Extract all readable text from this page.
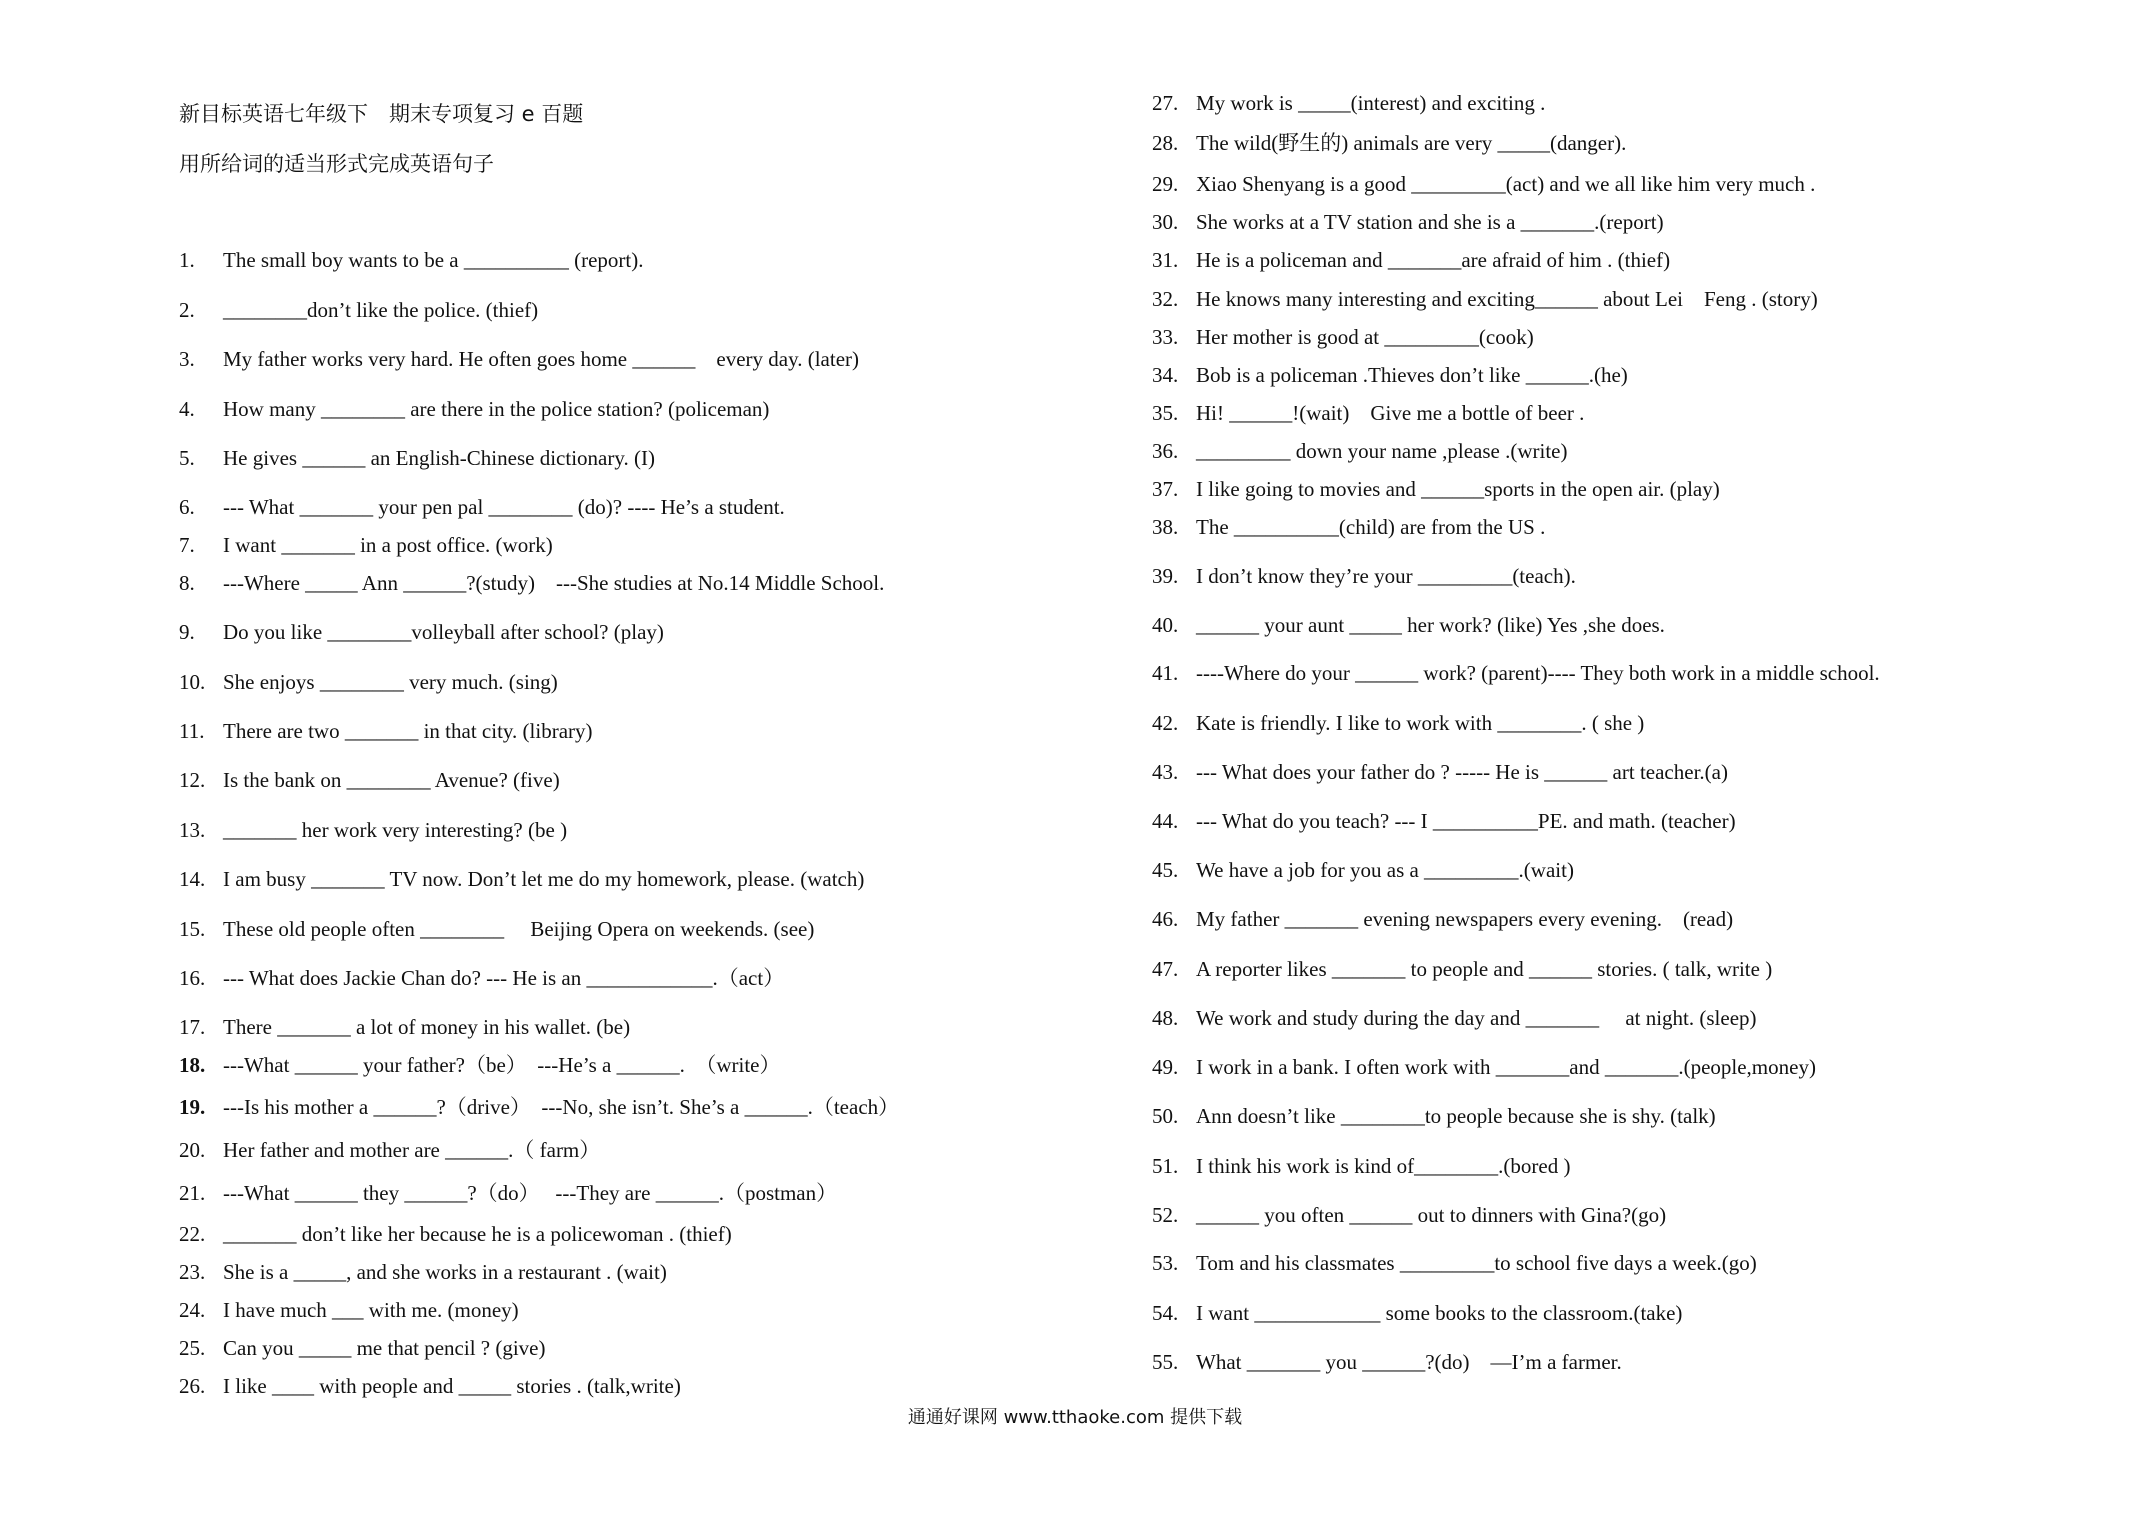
新目标英语七年级下　期末专项复习 e 百题
用所给词的适当形式完成英语句子
1.	The small boy wants to be a __________ (report).
2.	________don’t like the police. (thief)
3.	My father works very hard. He often goes home ______    every day. (later)
4.	How many ________ are there in the police station? (policeman)
5.	He gives ______ an English-Chinese dictionary. (I)
6.	--- What _______ your pen pal ________ (do)? ---- He’s a student.
7.	I want _______ in a post office. (work)
8.	---Where _____ Ann ______?(study)    ---She studies at No.14 Middle School.
9.	Do you like ________volleyball after school? (play)
10. She enjoys ________ very much. (sing)
11. There are two _______ in that city. (library)
12. Is the bank on ________ Avenue? (five)
13. _______ her work very interesting? (be )
14. I am busy _______ TV now. Don’t let me do my homework, please. (watch)
15. These old people often ________     Beijing Opera on weekends. (see)
16. --- What does Jackie Chan do? --- He is an ____________.（act）
17. There _______ a lot of money in his wallet. (be)
18. ---What ______ your father?（be）  ---He’s a ______.  （write）
19. ---Is his mother a ______?（drive）  ---No, she isn’t. She’s a ______.（teach）
20. Her father and mother are ______.（ farm）
21. ---What ______ they ______?（do）   ---They are ______.（postman）
22. _______ don’t like her because he is a policewoman . (thief)
23. She is a _____, and she works in a restaurant . (wait)
24. I have much ___ with me. (money)
25. Can you _____ me that pencil ? (give)
26. I like ____ with people and _____ stories . (talk,write)
27. My work is _____(interest) and exciting .
28. The wild(野生的) animals are very _____(danger).
29. Xiao Shenyang is a good _________(act) and we all like him very much .
30. She works at a TV station and she is a _______.(report)
31. He is a policeman and _______are afraid of him . (thief)
32. He knows many interesting and exciting______ about Lei    Feng . (story)
33. Her mother is good at _________(cook)
34. Bob is a policeman .Thieves don’t like ______.(he)
35. Hi! ______!(wait)    Give me a bottle of beer .
36. _________ down your name ,please .(write)
37. I like going to movies and ______sports in the open air. (play)
38. The __________(child) are from the US .
39. I don’t know they’re your _________(teach).
40. ______ your aunt _____ her work? (like) Yes ,she does.
41. ----Where do your ______ work? (parent)---- They both work in a middle school.
42. Kate is friendly. I like to work with ________. ( she )
43. --- What does your father do ? ----- He is ______ art teacher.(a)
44. --- What do you teach? --- I __________PE. and math. (teacher)
45. We have a job for you as a _________.(wait)
46. My father _______ evening newspapers every evening.    (read)
47. A reporter likes _______ to people and ______ stories. ( talk, write )
48. We work and study during the day and _______     at night. (sleep)
49. I work in a bank. I often work with _______and _______.(people,money)
50. Ann doesn’t like ________to people because she is shy. (talk)
51. I think his work is kind of________.(bored )
52. ______ you often ______ out to dinners with Gina?(go)
53. Tom and his classmates _________to school five days a week.(go)
54. I want ____________ some books to the classroom.(take)
55. What _______ you ______?(do)    —I’m a farmer.
通通好课网 www.tthaoke.com 提供下载
